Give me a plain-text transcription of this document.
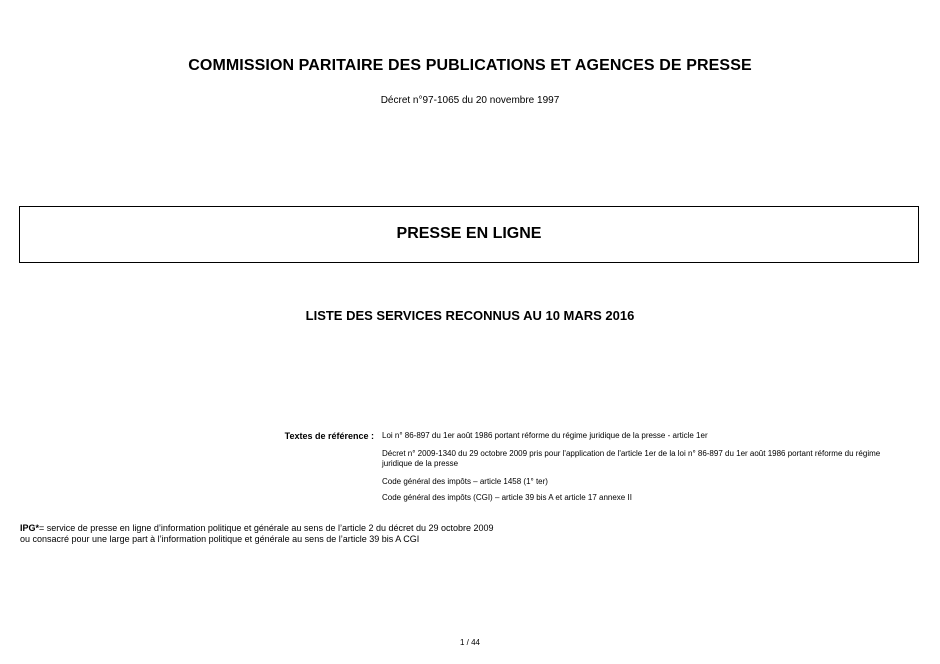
COMMISSION PARITAIRE DES PUBLICATIONS ET AGENCES DE PRESSE
Décret n°97-1065 du 20 novembre 1997
PRESSE EN LIGNE
LISTE DES SERVICES RECONNUS AU 10 MARS 2016
Textes de référence : Loi n° 86-897 du 1er août 1986 portant réforme du régime juridique de la presse - article 1er
Décret n° 2009-1340 du 29 octobre 2009 pris pour l'application de l'article 1er de la loi n° 86-897 du 1er août 1986 portant réforme du régime juridique de la presse
Code général des impôts – article 1458 (1° ter)
Code général des impôts (CGI) – article 39 bis A et article 17 annexe II
IPG*= service de presse en ligne d’information politique et générale au sens de l’article 2 du décret du 29 octobre 2009
ou consacré pour une large part à l’information politique et générale au sens de l’article 39 bis A CGI
1 / 44
